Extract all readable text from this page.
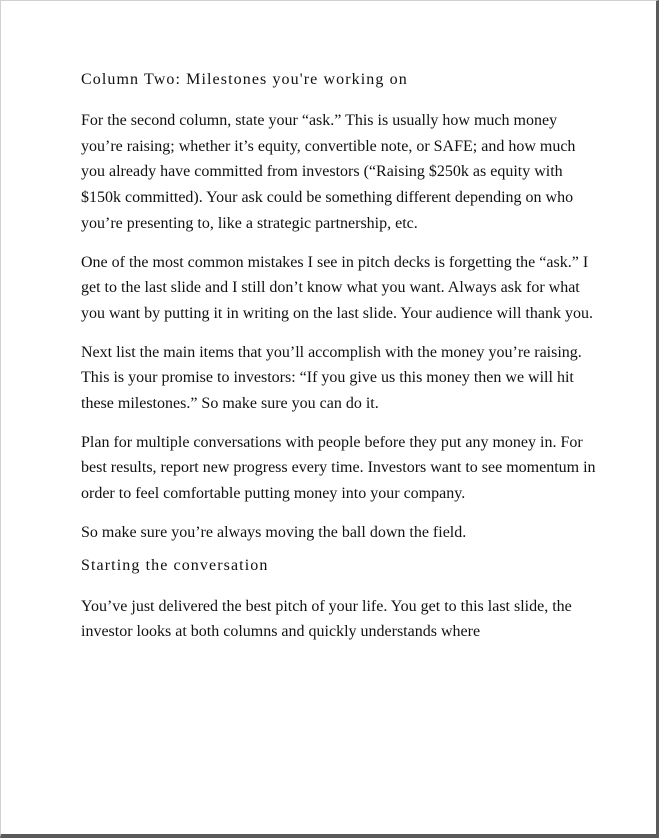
Column Two: Milestones you're working on

For the second column, state your “ask.” This is usually how much money you’re raising; whether it’s equity, convertible note, or SAFE; and how much you already have committed from investors (“Raising $250k as equity with $150k committed). Your ask could be something different depending on who you’re presenting to, like a strategic partnership, etc.

One of the most common mistakes I see in pitch decks is forgetting the “ask.” I get to the last slide and I still don’t know what you want. Always ask for what you want by putting it in writing on the last slide. Your audience will thank you.

Next list the main items that you’ll accomplish with the money you’re raising. This is your promise to investors: “If you give us this money then we will hit these milestones.” So make sure you can do it.

Plan for multiple conversations with people before they put any money in. For best results, report new progress every time. Investors want to see momentum in order to feel comfortable putting money into your company.

So make sure you’re always moving the ball down the field.

Starting the conversation

You’ve just delivered the best pitch of your life. You get to this last slide, the investor looks at both columns and quickly understands where
